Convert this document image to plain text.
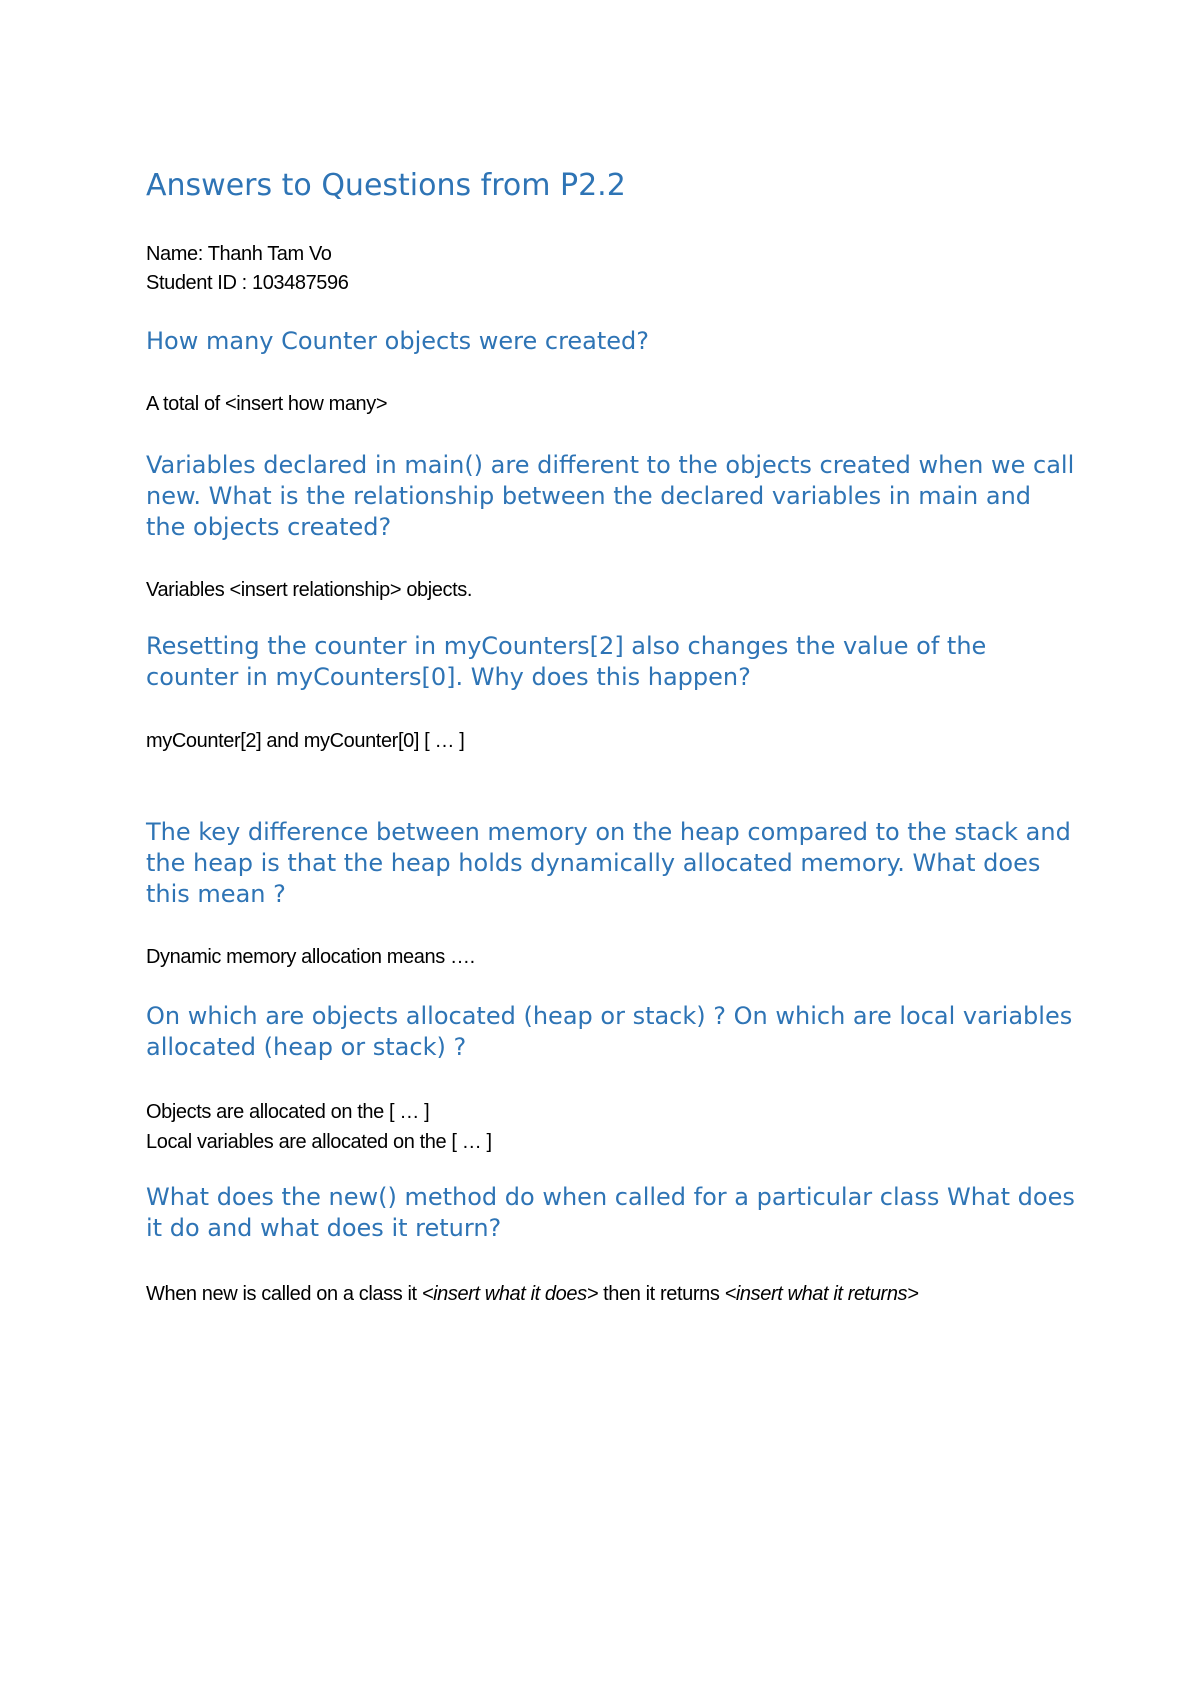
Answers to Questions from P2.2
Name: Thanh Tam Vo
Student ID : 103487596
How many Counter objects were created?

A total of <insert how many>

Variables declared in main() are different to the objects created when we call new. What is the relationship between the declared variables in main and the objects created?

Variables <insert relationship> objects.

Resetting the counter in myCounters[2] also changes the value of the counter in myCounters[0]. Why does this happen?

myCounter[2] and myCounter[0] [ … ]

The key difference between memory on the heap compared to the stack and the heap is that the heap holds dynamically allocated memory. What does this mean ?

Dynamic memory allocation means ….

On which are objects allocated (heap or stack) ? On which are local variables allocated (heap or stack) ?

Objects are allocated on the [ … ]

Local variables are allocated on the [ … ]

What does the new() method do when called for a particular class What does it do and what does it return?

When new is called on a class it <insert what it does> then it returns <insert what it returns>
